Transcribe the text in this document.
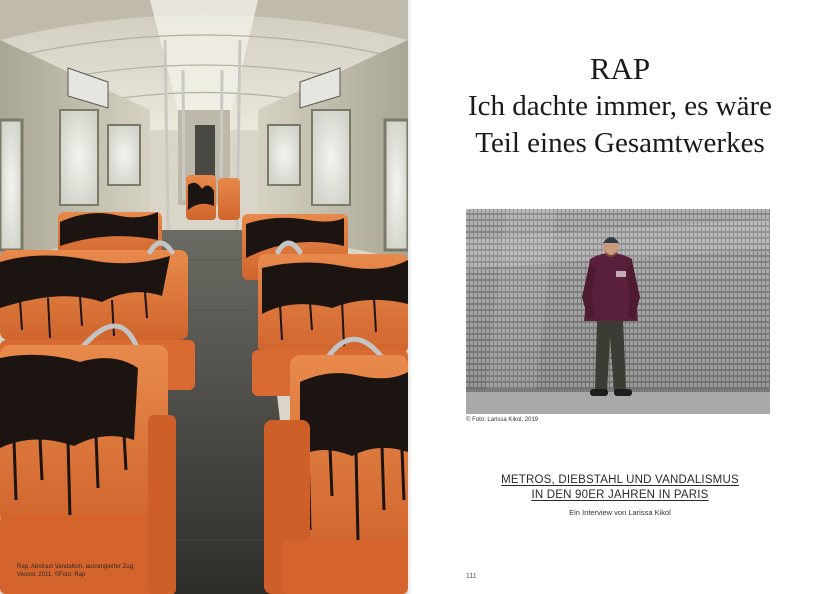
Rap, Abstract Vandalism, ausrangierter Zug,
Vesoul, 2011, ©Foto: Rap
RAP
Ich dachte immer, es wäre
Teil eines Gesamtwerkes
© Foto: Larissa Kikol, 2019
METROS, DIEBSTAHL UND VANDALISMUS
IN DEN 90ER JAHREN IN PARIS
Ein Interview von Larissa Kikol
111
